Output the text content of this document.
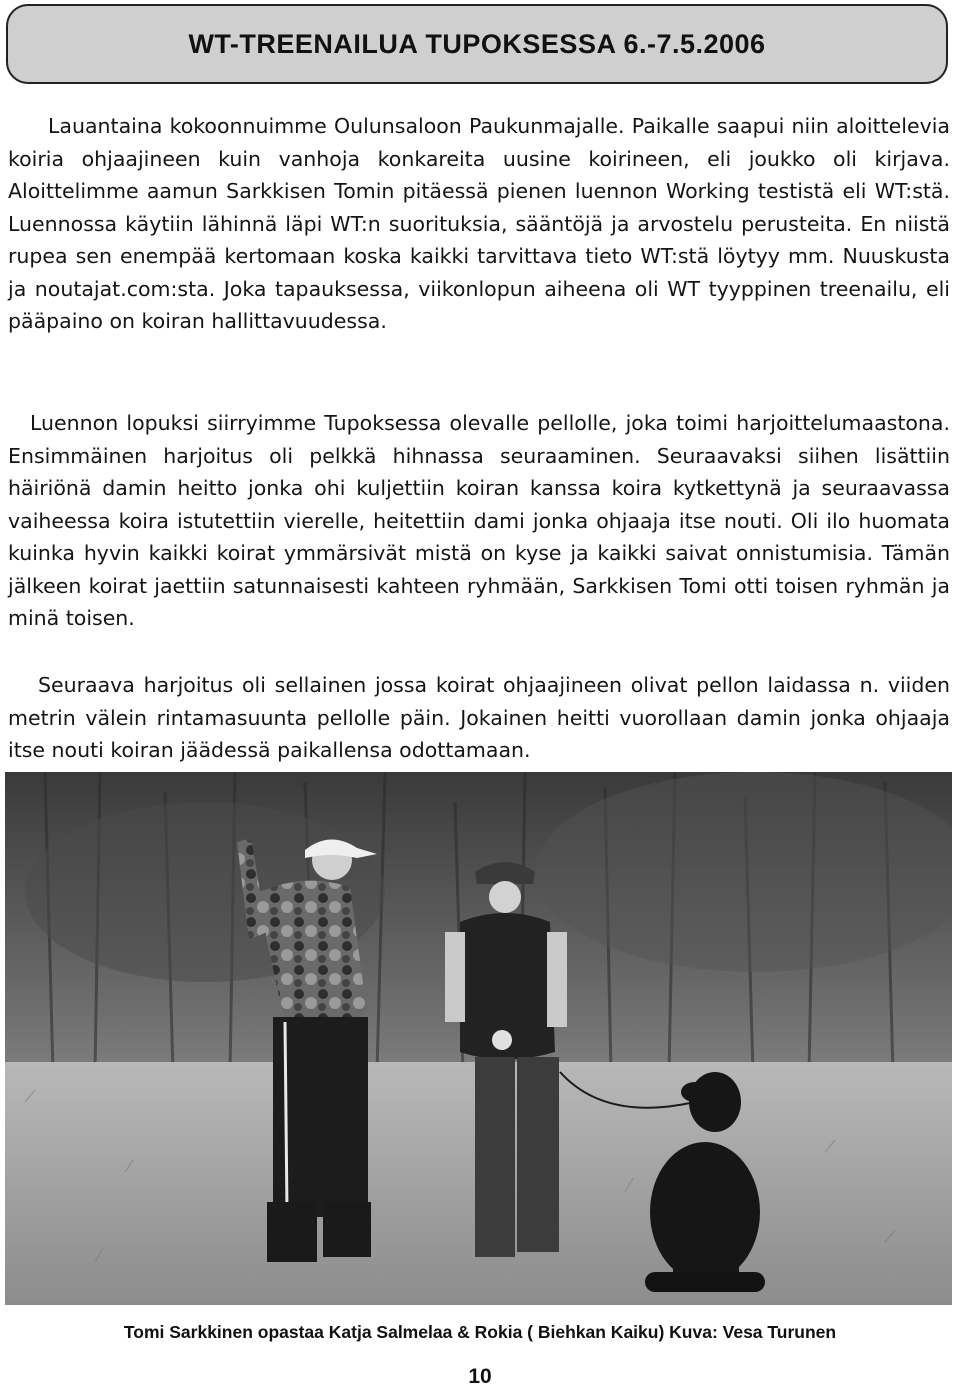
WT-TREENAILUA TUPOKSESSA 6.-7.5.2006

Lauantaina kokoonnuimme Oulunsaloon Paukunmajalle. Paikalle saapui niin aloittelevia koiria ohjaajineen kuin vanhoja konkareita uusine koirineen, eli joukko oli kirjava. Aloittelimme aamun Sarkkisen Tomin pitäessä pienen luennon Working testistä eli WT:stä. Luennossa käytiin lähinnä läpi WT:n suorituksia, sääntöjä ja arvostelu perusteita. En niistä rupea sen enempää kertomaan koska kaikki tarvittava tieto WT:stä löytyy mm. Nuuskusta ja noutajat.com:sta. Joka tapauksessa, viikonlopun aiheena oli WT tyyppinen treenailu, eli pääpaino on koiran hallittavuudessa.

Luennon lopuksi siirryimme Tupoksessa olevalle pellolle, joka toimi harjoittelumaastona. Ensimmäinen harjoitus oli pelkkä hihnassa seuraaminen. Seuraavaksi siihen lisättiin häiriönä damin heitto jonka ohi kuljettiin koiran kanssa koira kytkettynä ja seuraavassa vaiheessa koira istutettiin vierelle, heitettiin dami jonka ohjaaja itse nouti. Oli ilo huomata kuinka hyvin kaikki koirat ymmärsivät mistä on kyse ja kaikki saivat onnistumisia. Tämän jälkeen koirat jaettiin satunnaisesti kahteen ryhmään, Sarkkisen Tomi otti toisen ryhmän ja minä toisen.

Seuraava harjoitus oli sellainen jossa koirat ohjaajineen olivat pellon laidassa n. viiden metrin välein rintamasuunta pellolle päin. Jokainen heitti vuorollaan damin jonka ohjaaja itse nouti koiran jäädessä paikallensa odottamaan.

Tomi Sarkkinen opastaa Katja Salmelaa & Rokia ( Biehkan Kaiku) Kuva: Vesa Turunen
10
